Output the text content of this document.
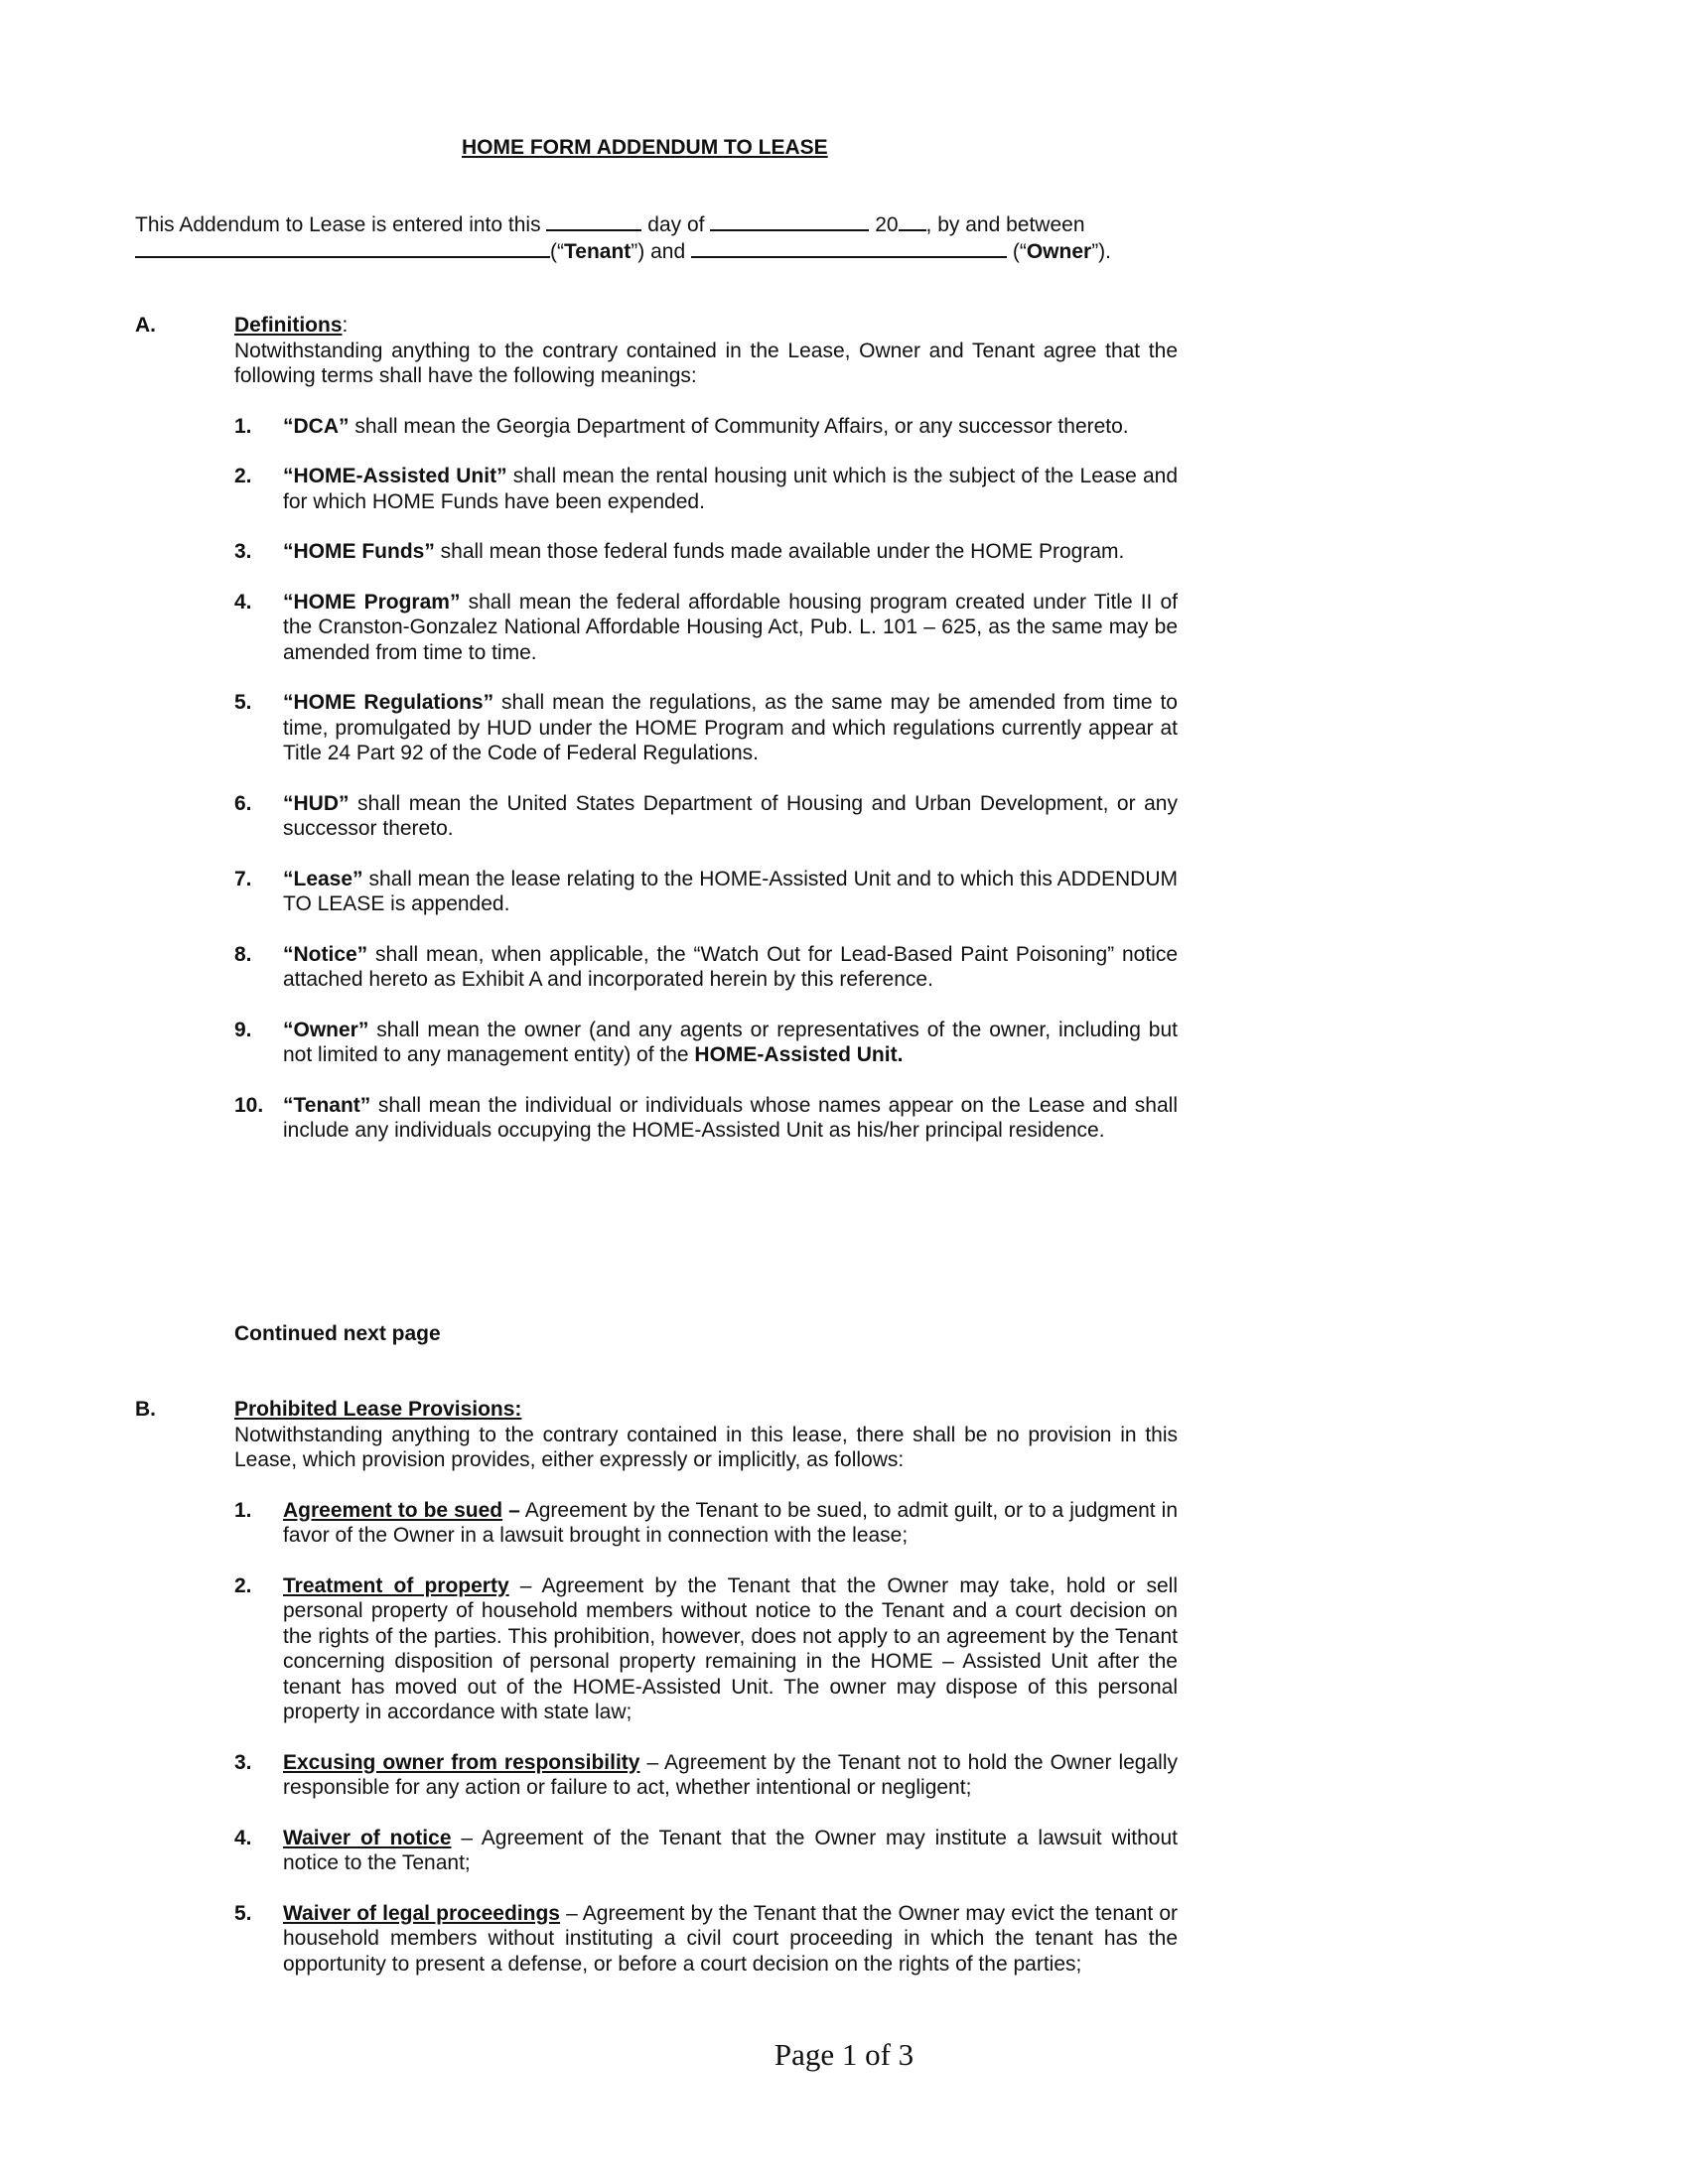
HOME FORM ADDENDUM TO LEASE
This Addendum to Lease is entered into this	day of	20 , by and between
(“Tenant”) and	(“Owner”).
A.	Definitions:

Notwithstanding anything to the contrary contained in the Lease, Owner and Tenant agree that the following terms shall have the following meanings:

1. “DCA” shall mean the Georgia Department of Community Affairs, or any successor thereto.
2. “HOME-Assisted Unit” shall mean the rental housing unit which is the subject of the Lease and for which HOME Funds have been expended.
3. “HOME Funds” shall mean those federal funds made available under the HOME Program.
4. “HOME Program” shall mean the federal affordable housing program created under Title II of the Cranston-Gonzalez National Affordable Housing Act, Pub. L. 101 – 625, as the same may be amended from time to time.
5. “HOME Regulations” shall mean the regulations, as the same may be amended from time to time, promulgated by HUD under the HOME Program and which regulations currently appear at Title 24 Part 92 of the Code of Federal Regulations.
6. “HUD” shall mean the United States Department of Housing and Urban Development, or any successor thereto.
7. “Lease” shall mean the lease relating to the HOME-Assisted Unit and to which this ADDENDUM TO LEASE is appended.
8. “Notice” shall mean, when applicable, the “Watch Out for Lead-Based Paint Poisoning” notice attached hereto as Exhibit A and incorporated herein by this reference.
9. “Owner” shall mean the owner (and any agents or representatives of the owner, including but not limited to any management entity) of the HOME-Assisted Unit.
10. “Tenant” shall mean the individual or individuals whose names appear on the Lease and shall include any individuals occupying the HOME-Assisted Unit as his/her principal residence.
Continued next page
B.	Prohibited Lease Provisions:

Notwithstanding anything to the contrary contained in this lease, there shall be no provision in this Lease, which provision provides, either expressly or implicitly, as follows:

1. Agreement to be sued – Agreement by the Tenant to be sued, to admit guilt, or to a judgment in favor of the Owner in a lawsuit brought in connection with the lease;
2. Treatment of property – Agreement by the Tenant that the Owner may take, hold or sell personal property of household members without notice to the Tenant and a court decision on the rights of the parties. This prohibition, however, does not apply to an agreement by the Tenant concerning disposition of personal property remaining in the HOME – Assisted Unit after the tenant has moved out of the HOME-Assisted Unit. The owner may dispose of this personal property in accordance with state law;
3. Excusing owner from responsibility – Agreement by the Tenant not to hold the Owner legally responsible for any action or failure to act, whether intentional or negligent;
4. Waiver of notice – Agreement of the Tenant that the Owner may institute a lawsuit without notice to the Tenant;
5. Waiver of legal proceedings – Agreement by the Tenant that the Owner may evict the tenant or household members without instituting a civil court proceeding in which the tenant has the opportunity to present a defense, or before a court decision on the rights of the parties;
Page 1 of 3
